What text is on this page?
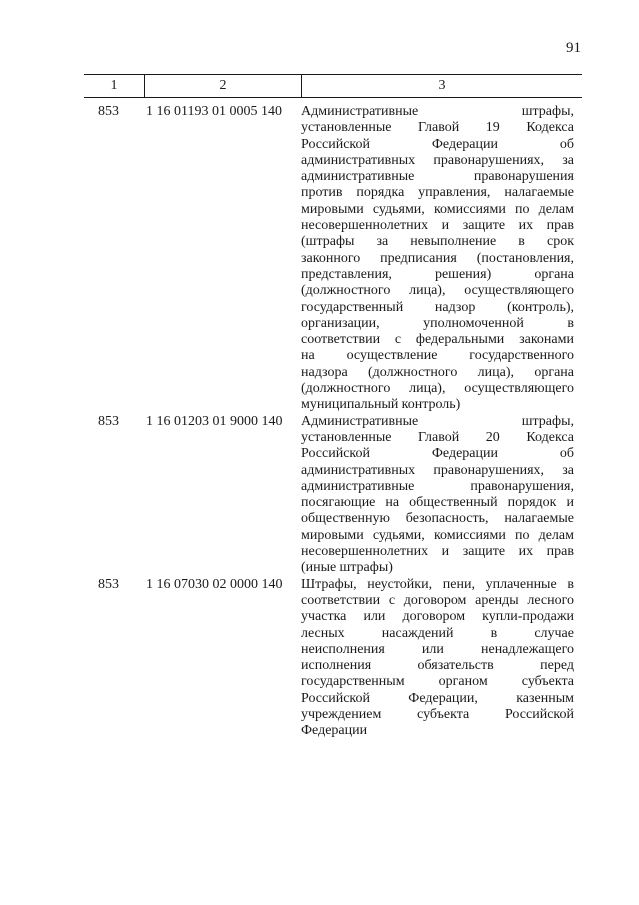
91
1	2	3
853 1 16 01193 01 0005 140 Административные штрафы,
установленные Главой 19 Кодекса
Российской Федерации об
административных правонарушениях, за
административные правонарушения
против порядка управления, налагаемые
мировыми судьями, комиссиями по делам
несовершеннолетних и защите их прав
(штрафы за невыполнение в срок
законного предписания (постановления,
представления, решения) органа
(должностного лица), осуществляющего
государственный надзор (контроль),
организации, уполномоченной в
соответствии с федеральными законами
на осуществление государственного
надзора (должностного лица), органа
(должностного лица), осуществляющего
муниципальный контроль)
853 1 16 01203 01 9000 140 Административные штрафы,
установленные Главой 20 Кодекса
Российской Федерации об
административных правонарушениях, за
административные правонарушения,
посягающие на общественный порядок и
общественную безопасность, налагаемые
мировыми судьями, комиссиями по делам
несовершеннолетних и защите их прав
(иные штрафы)
853 1 16 07030 02 0000 140 Штрафы, неустойки, пени, уплаченные в
соответствии с договором аренды лесного
участка или договором купли-продажи
лесных насаждений в случае
неисполнения или ненадлежащего
исполнения обязательств перед
государственным органом субъекта
Российской Федерации, казенным
учреждением субъекта Российской
Федерации
